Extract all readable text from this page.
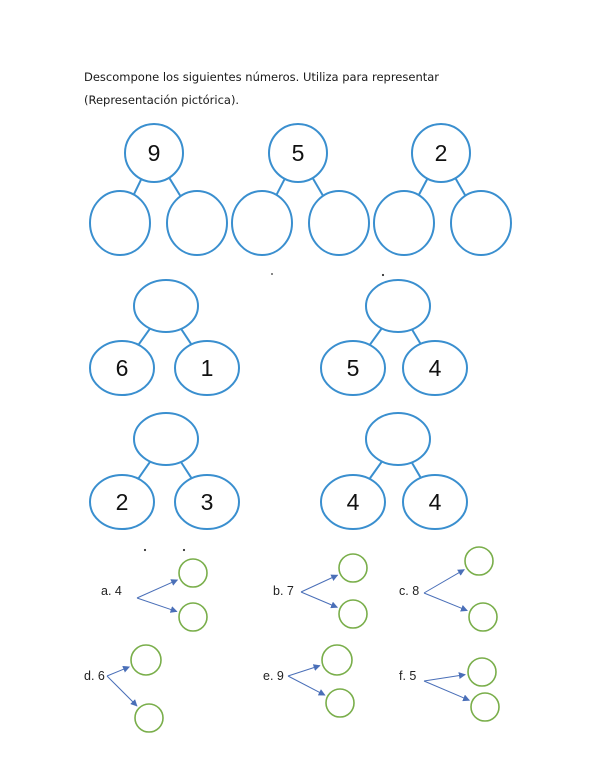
Descompone los siguientes números. Utiliza para representar (Representación pictórica).

9	5	2
6	1	5	4
2	3	4	4
a. 4	b. 7	c. 8
d. 6	e. 9	f. 5
